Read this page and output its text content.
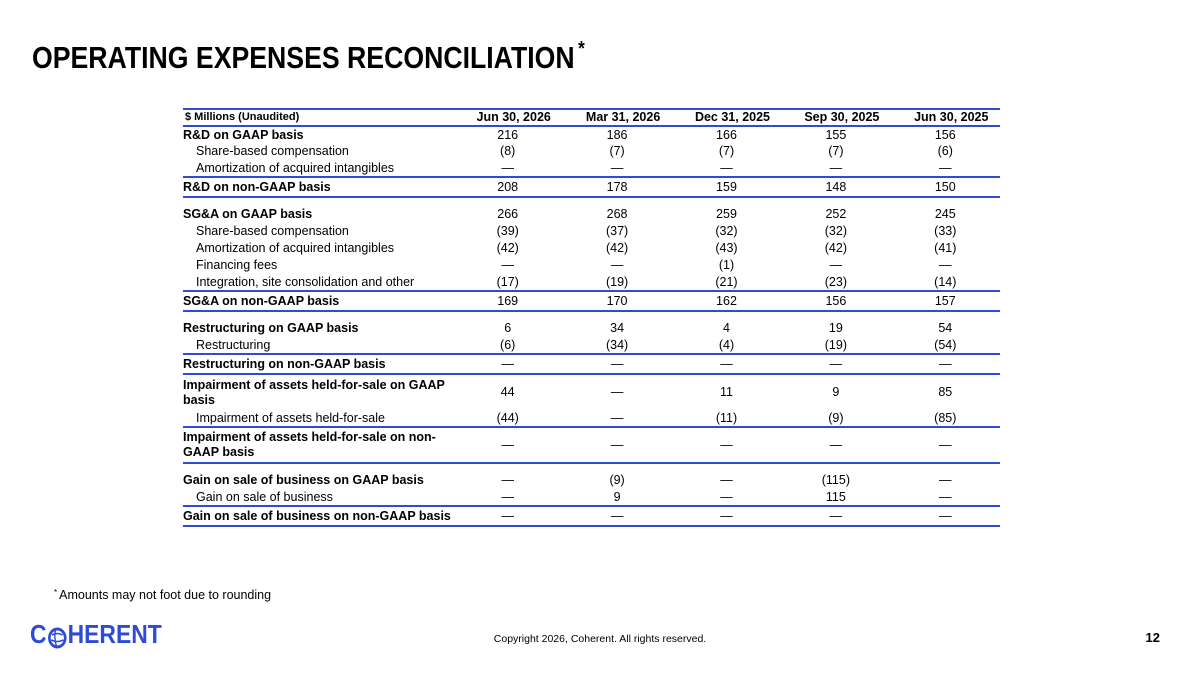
OPERATING EXPENSES RECONCILIATION *
$ Millions (Unaudited)	Jun 30, 2026	Mar 31, 2026	Dec 31, 2025	Sep 30, 2025	Jun 30, 2025
R&D on GAAP basis	216	186	166	155	156
Share-based compensation	(8)	(7)	(7)	(7)	(6)
Amortization of acquired intangibles	—	—	—	—	—
R&D on non-GAAP basis	208	178	159	148	150

SG&A on GAAP basis	266	268	259	252	245
Share-based compensation	(39)	(37)	(32)	(32)	(33)
Amortization of acquired intangibles	(42)	(42)	(43)	(42)	(41)
Financing fees	—	—	(1)	—	—
Integration, site consolidation and other	(17)	(19)	(21)	(23)	(14)
SG&A on non-GAAP basis	169	170	162	156	157

Restructuring on GAAP basis	6	34	4	19	54
Restructuring	(6)	(34)	(4)	(19)	(54)
Restructuring on non-GAAP basis	—	—	—	—	—
Impairment of assets held-for-sale on GAAP basis	44	—	11	9	85
Impairment of assets held-for-sale	(44)	—	(11)	(9)	(85)
Impairment of assets held-for-sale on non-GAAP basis	—	—	—	—	—

Gain on sale of business on GAAP basis	—	(9)	—	(115)	—
Gain on sale of business	—	9	—	115	—
Gain on sale of business on non-GAAP basis	—	—	—	—	—
* Amounts may not foot due to rounding
C HERENT	Copyright 2026, Coherent. All rights reserved.	12
